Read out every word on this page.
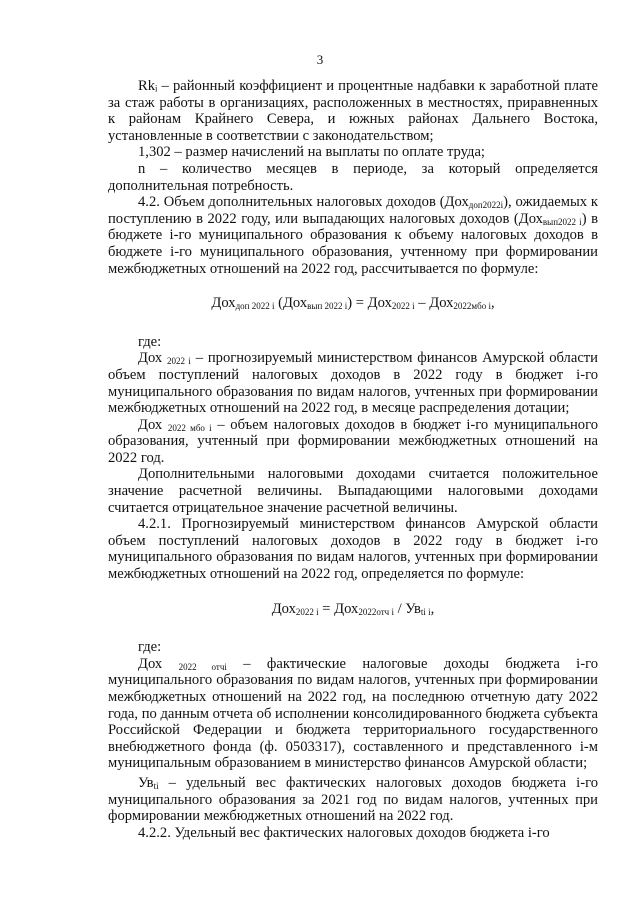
3

Rkᵢ – районный коэффициент и процентные надбавки к заработной плате за стаж работы в организациях, расположенных в местностях, приравненных к районам Крайнего Севера, и южных районах Дальнего Востока, установленные в соответствии с законодательством;

1,302 – размер начислений на выплаты по оплате труда;

n – количество месяцев в периоде, за который определяется дополнительная потребность.

4.2. Объем дополнительных налоговых доходов (Дох$_{доп2022i}$), ожидаемых к поступлению в 2022 году, или выпадающих налоговых доходов (Дох$_{вып2022 i}$) в бюджете i-го муниципального образования к объему налоговых доходов в бюджете i-го муниципального образования, учтенному при формировании межбюджетных отношений на 2022 год, рассчитывается по формуле:

Дох$_{доп 2022 i}$ (Дох$_{вып 2022 i}$) = Дох$_{2022 i}$ – Дох$_{2022мбо i}$,

где:

Дох $_{2022 i}$ – прогнозируемый министерством финансов Амурской области объем поступлений налоговых доходов в 2022 году в бюджет i-го муниципального образования по видам налогов, учтенных при формировании межбюджетных отношений на 2022 год, в месяце распределения дотации;

Дох $_{2022 мбо i}$ – объем налоговых доходов в бюджет i-го муниципального образования, учтенный при формировании межбюджетных отношений на 2022 год.

Дополнительными налоговыми доходами считается положительное значение расчетной величины. Выпадающими налоговыми доходами считается отрицательное значение расчетной величины.

4.2.1. Прогнозируемый министерством финансов Амурской области объем поступлений налоговых доходов в 2022 году в бюджет i-го муниципального образования по видам налогов, учтенных при формировании межбюджетных отношений на 2022 год, определяется по формуле:

$Дох_{2022 i} = Дох_{2022отч i} / Ув_{ti i}$,

где:

Дох $_{2022 отчi}$ – фактические налоговые доходы бюджета i-го муниципального образования по видам налогов, учтенных при формировании межбюджетных отношений на 2022 год, на последнюю отчетную дату 2022 года, по данным отчета об исполнении консолидированного бюджета субъекта Российской Федерации и бюджета территориального государственного внебюджетного фонда (ф. 0503317), составленного и представленного i-м муниципальным образованием в министерство финансов Амурской области;

$Ув_{ti}$ – удельный вес фактических налоговых доходов бюджета i-го муниципального образования за 2021 год по видам налогов, учтенных при формировании межбюджетных отношений на 2022 год.

4.2.2. Удельный вес фактических налоговых доходов бюджета i-го
